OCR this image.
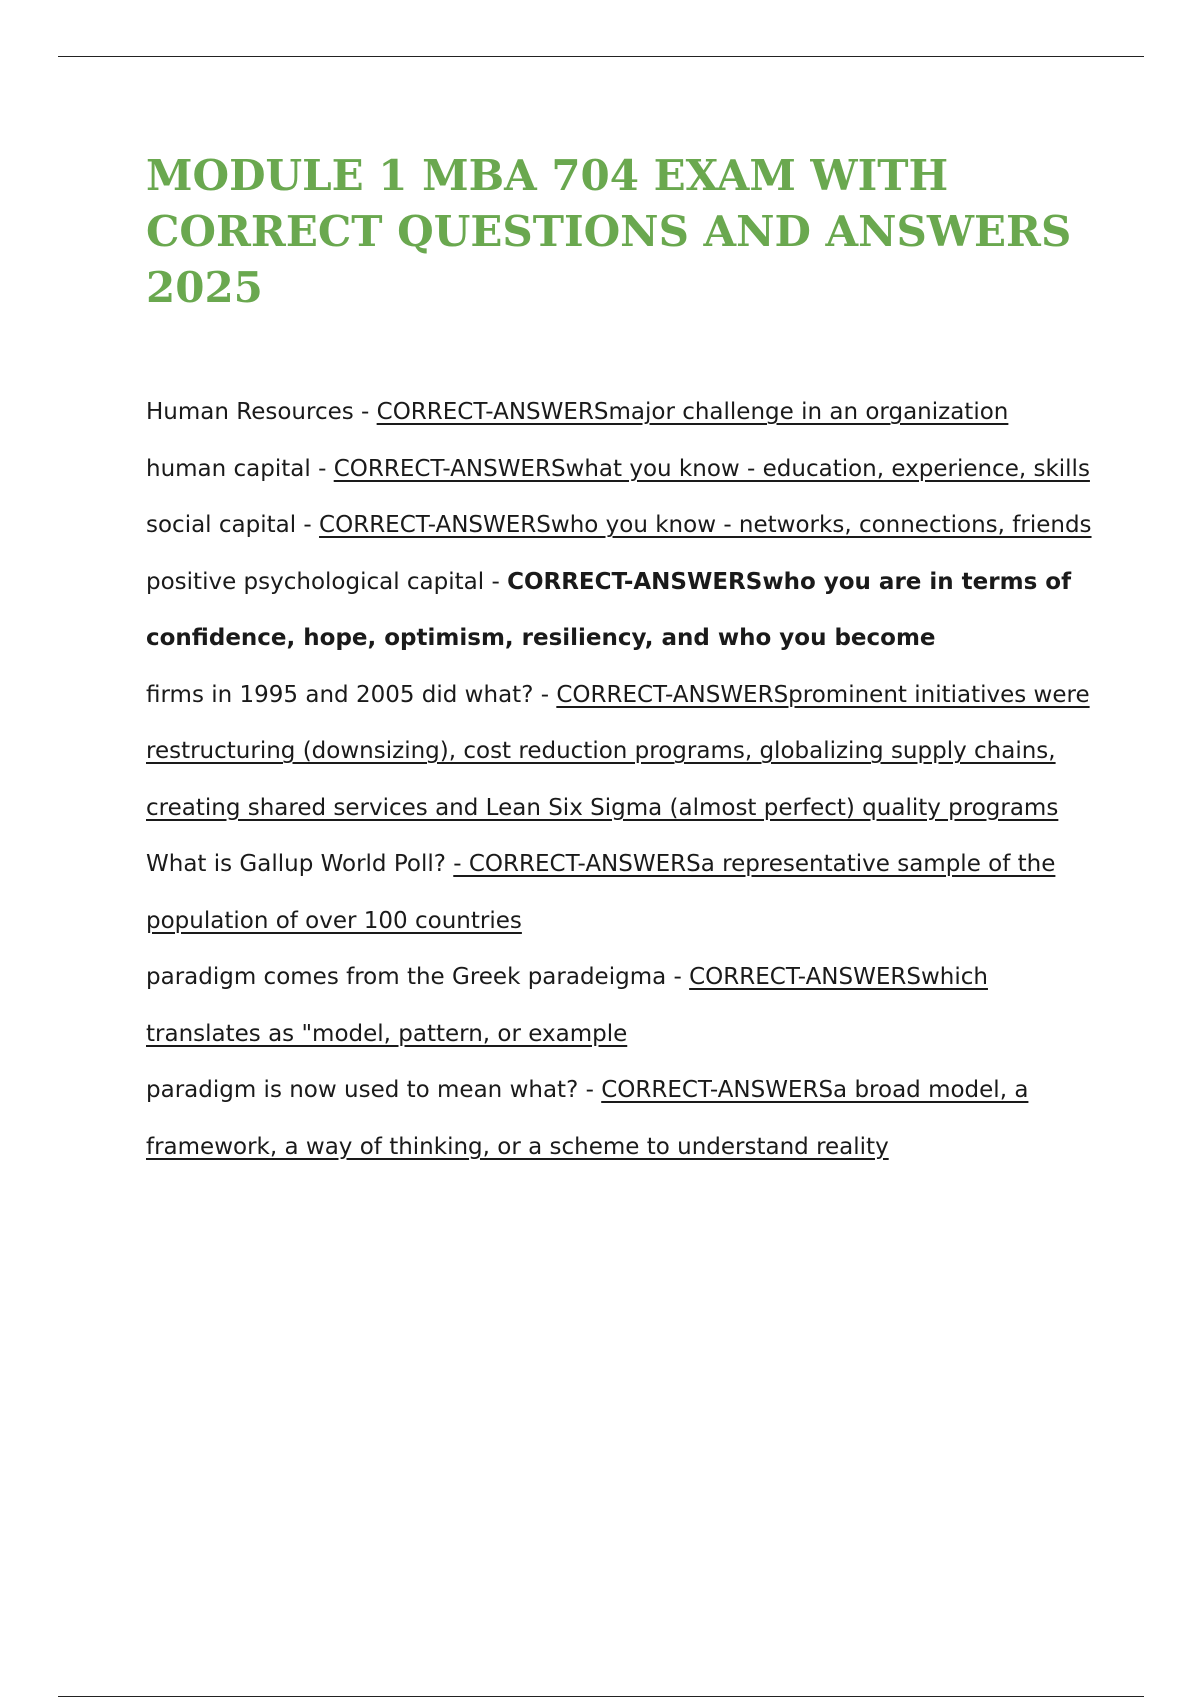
MODULE 1 MBA 704 EXAM WITH CORRECT QUESTIONS AND ANSWERS 2025

Human Resources - CORRECT-ANSWERSmajor challenge in an organization

human capital - CORRECT-ANSWERSwhat you know - education, experience, skills

social capital - CORRECT-ANSWERSwho you know - networks, connections, friends

positive psychological capital - CORRECT-ANSWERSwho you are in terms of confidence, hope, optimism, resiliency, and who you become

firms in 1995 and 2005 did what? - CORRECT-ANSWERSprominent initiatives were restructuring (downsizing), cost reduction programs, globalizing supply chains, creating shared services and Lean Six Sigma (almost perfect) quality programs

What is Gallup World Poll? - CORRECT-ANSWERSa representative sample of the population of over 100 countries

paradigm comes from the Greek paradeigma - CORRECT-ANSWERSwhich translates as "model, pattern, or example

paradigm is now used to mean what? - CORRECT-ANSWERSa broad model, a framework, a way of thinking, or a scheme to understand reality
